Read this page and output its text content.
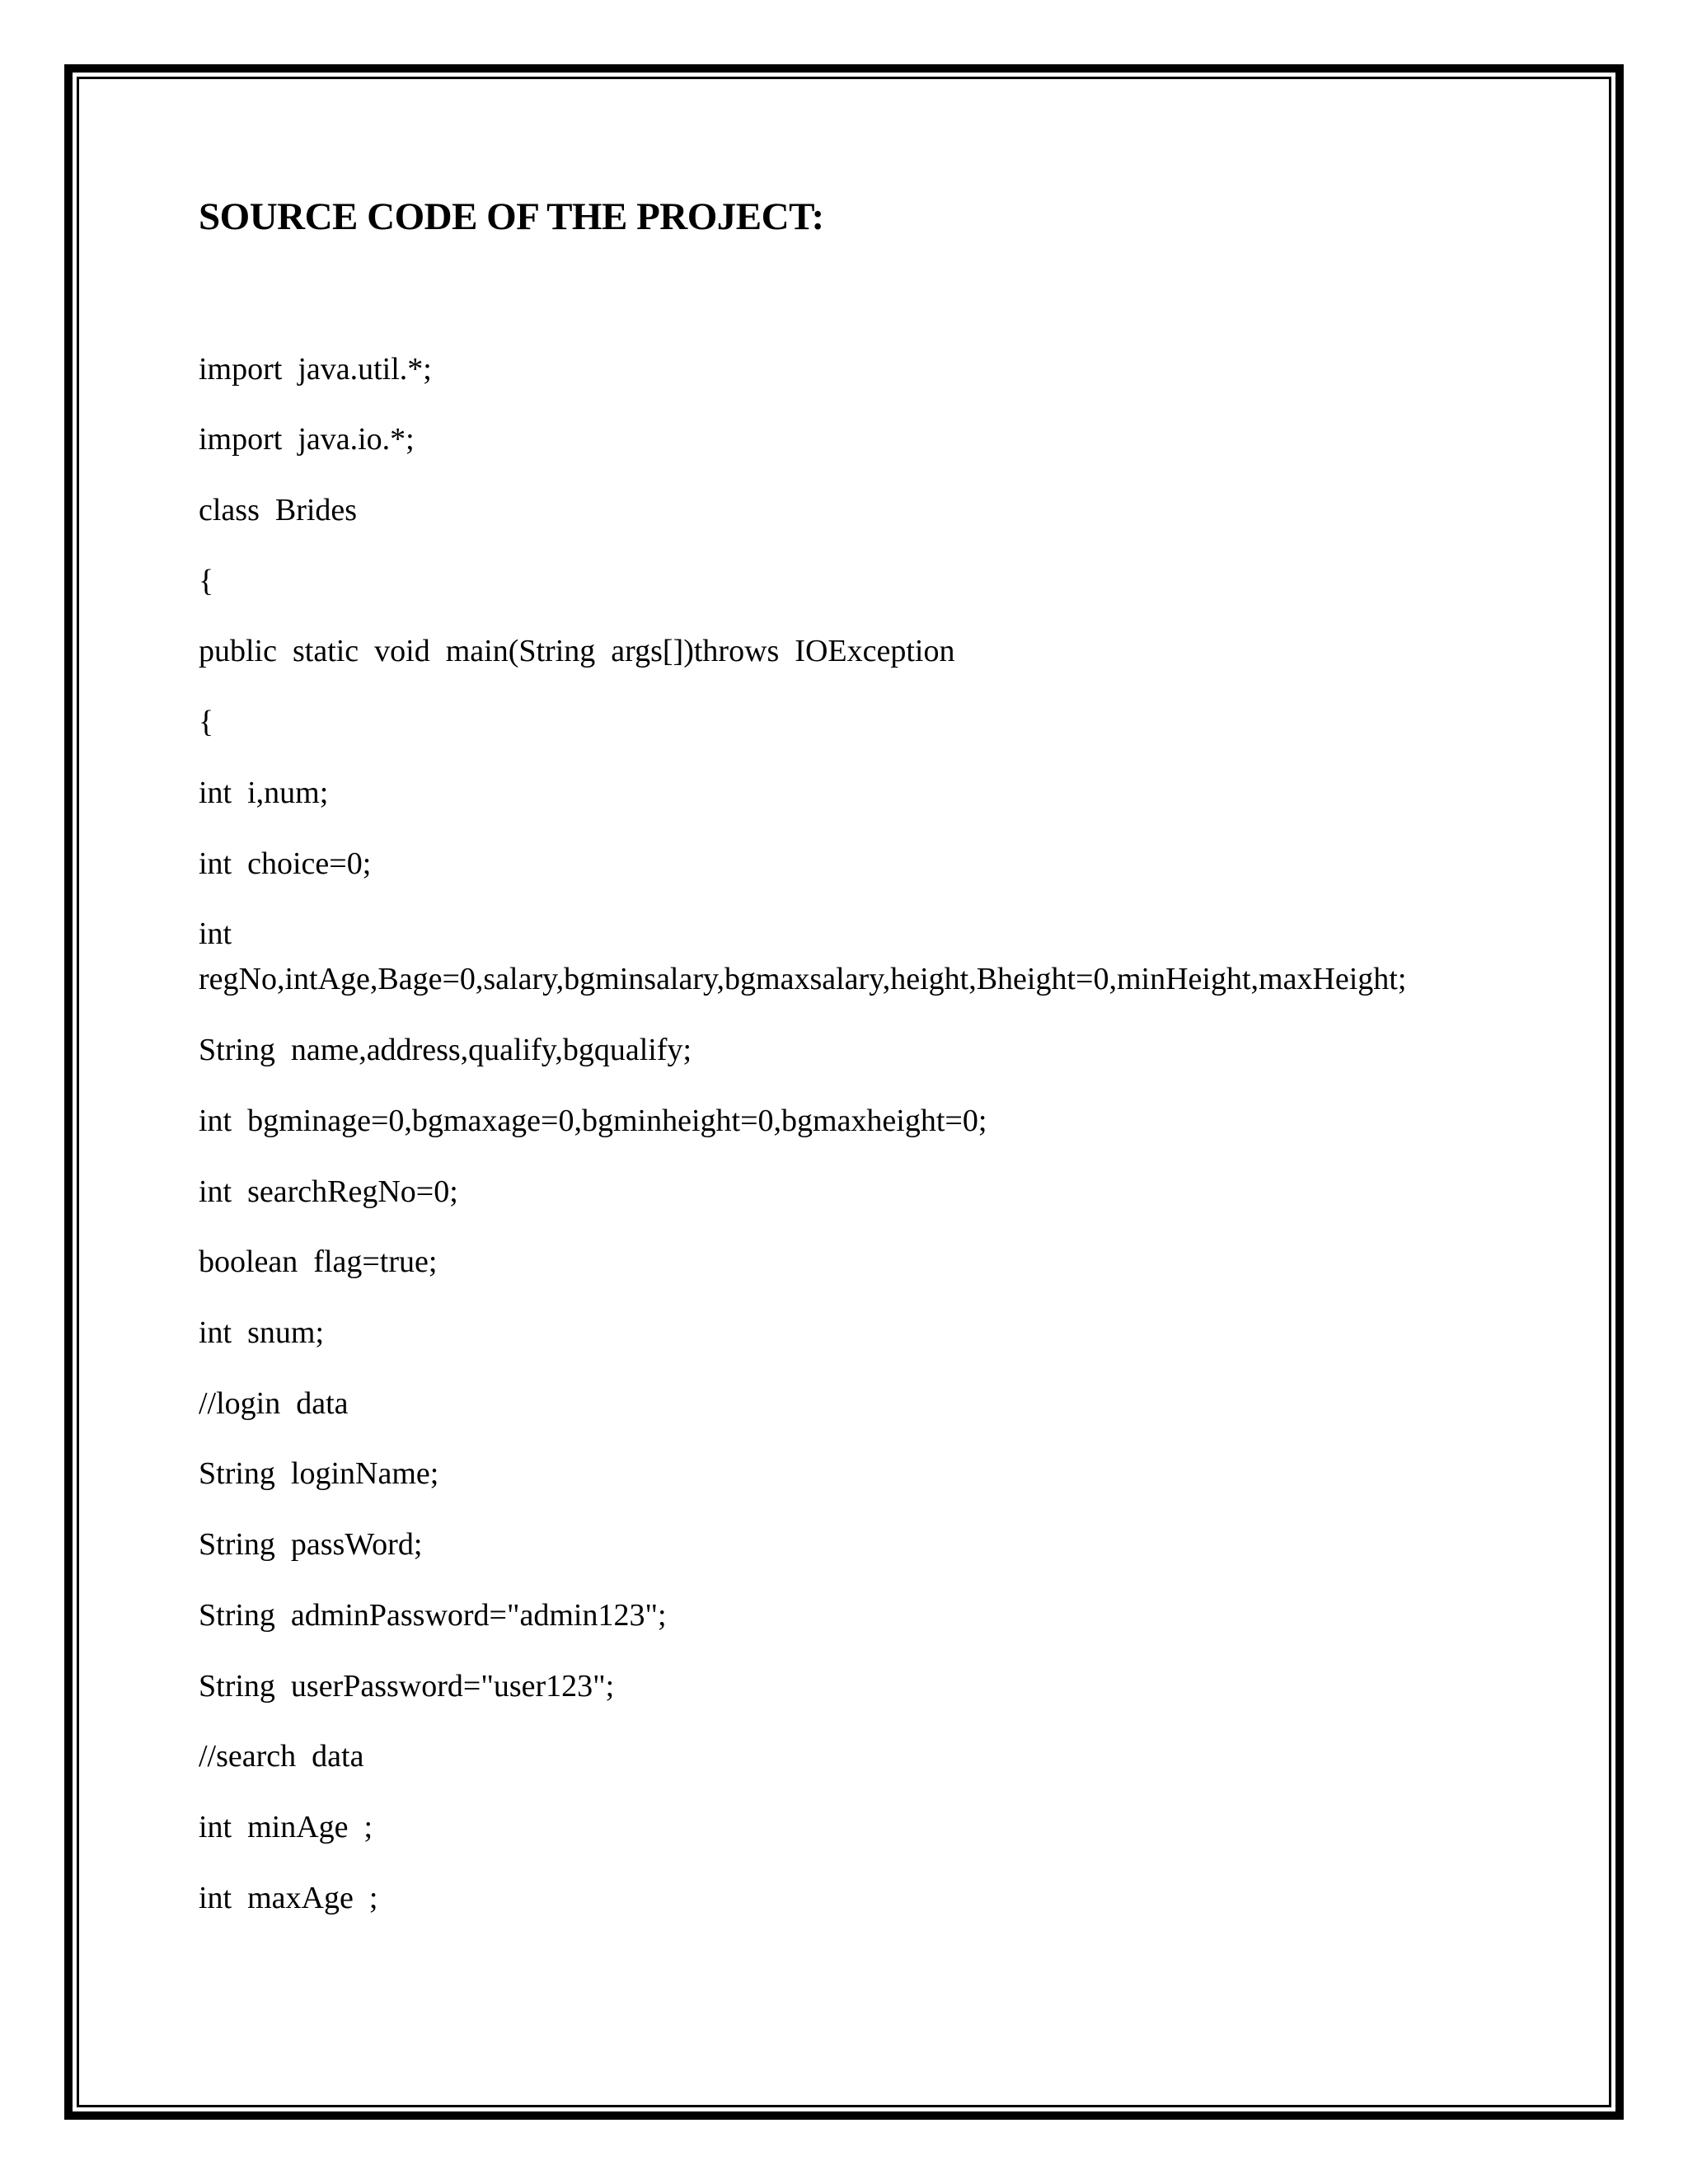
SOURCE CODE OF THE PROJECT:
import  java.util.*;
import  java.io.*;
class  Brides
{
public  static  void  main(String  args[])throws  IOException
{
int  i,num;
int  choice=0;
int
regNo,intAge,Bage=0,salary,bgminsalary,bgmaxsalary,height,Bheight=0,minHeight,maxHeight;
String  name,address,qualify,bgqualify;
int  bgminage=0,bgmaxage=0,bgminheight=0,bgmaxheight=0;
int  searchRegNo=0;
boolean  flag=true;
int  snum;
//login  data
String  loginName;
String  passWord;
String  adminPassword="admin123";
String  userPassword="user123";
//search  data
int  minAge  ;
int  maxAge  ;
